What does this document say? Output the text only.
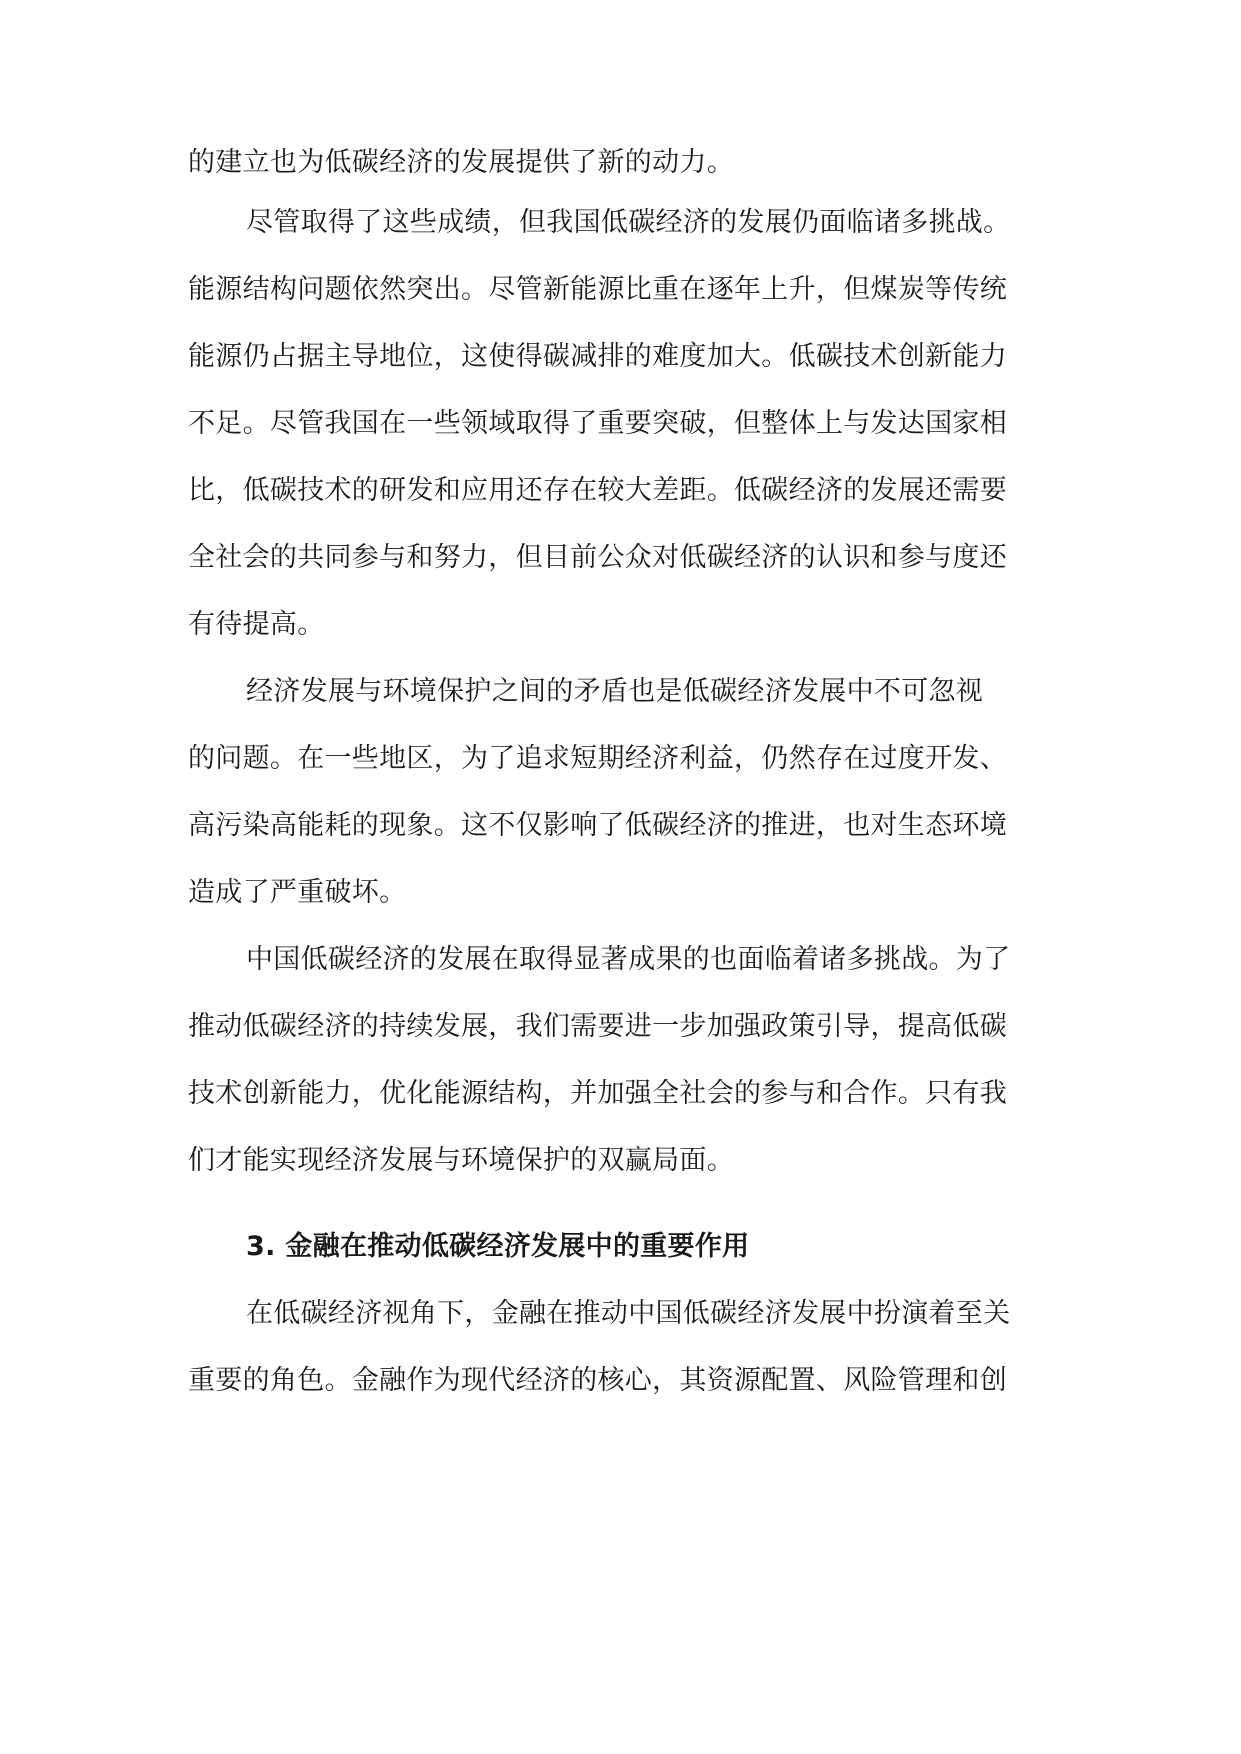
的建立也为低碳经济的发展提供了新的动力。

尽管取得了这些成绩，但我国低碳经济的发展仍面临诸多挑战。

能源结构问题依然突出。尽管新能源比重在逐年上升，但煤炭等传统

能源仍占据主导地位，这使得碳减排的难度加大。低碳技术创新能力

不足。尽管我国在一些领域取得了重要突破，但整体上与发达国家相

比，低碳技术的研发和应用还存在较大差距。低碳经济的发展还需要

全社会的共同参与和努力，但目前公众对低碳经济的认识和参与度还

有待提高。

经济发展与环境保护之间的矛盾也是低碳经济发展中不可忽视

的问题。在一些地区，为了追求短期经济利益，仍然存在过度开发、

高污染高能耗的现象。这不仅影响了低碳经济的推进，也对生态环境

造成了严重破坏。

中国低碳经济的发展在取得显著成果的也面临着诸多挑战。为了

推动低碳经济的持续发展，我们需要进一步加强政策引导，提高低碳

技术创新能力，优化能源结构，并加强全社会的参与和合作。只有我

们才能实现经济发展与环境保护的双赢局面。

3. 金融在推动低碳经济发展中的重要作用

在低碳经济视角下，金融在推动中国低碳经济发展中扮演着至关

重要的角色。金融作为现代经济的核心，其资源配置、风险管理和创
